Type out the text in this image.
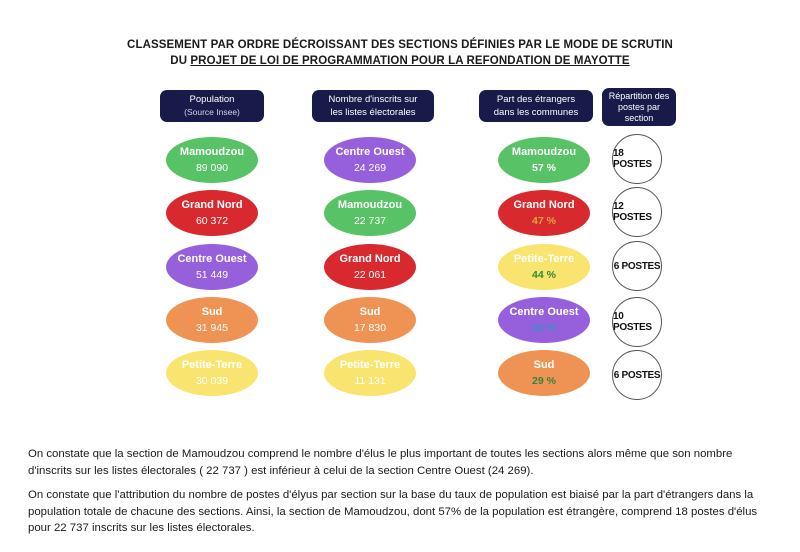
CLASSEMENT PAR ORDRE DÉCROISSANT DES SECTIONS DÉFINIES PAR LE MODE DE SCRUTIN
DU PROJET DE LOI DE PROGRAMMATION POUR LA REFONDATION DE MAYOTTE
Population
(Source Insee)
Nombre d'inscrits sur
les listes électorales
Part des étrangers
dans les communes
Répartition des
postes par
section
Mamoudzou
89 090
Grand Nord
60 372
Centre Ouest
51 449
Sud
31 945
Petite-Terre
30 039
Centre Ouest
24 269
Mamoudzou
22 737
Grand Nord
22 061
Sud
17 830
Petite-Terre
11 131
Mamoudzou
57 %
Grand Nord
47 %
Petite-Terre
44 %
Centre Ouest
32 %
Sud
29 %
18 POSTES
12 POSTES
6 POSTES
10 POSTES
6 POSTES
On constate que la section de Mamoudzou comprend le nombre d'élus le plus important de toutes les sections alors même que son nombre
d'inscrits sur les listes électorales ( 22 737 ) est inférieur à celui de la section Centre Ouest (24 269).
On constate que l'attribution du nombre de postes d'élyus par section sur la base du taux de population est biaisé par la part d'étrangers dans la
population totale de chacune des sections. Ainsi, la section de Mamoudzou, dont 57% de la population est étrangère, comprend 18 postes d'élus
pour 22 737 inscrits sur les listes électorales.
